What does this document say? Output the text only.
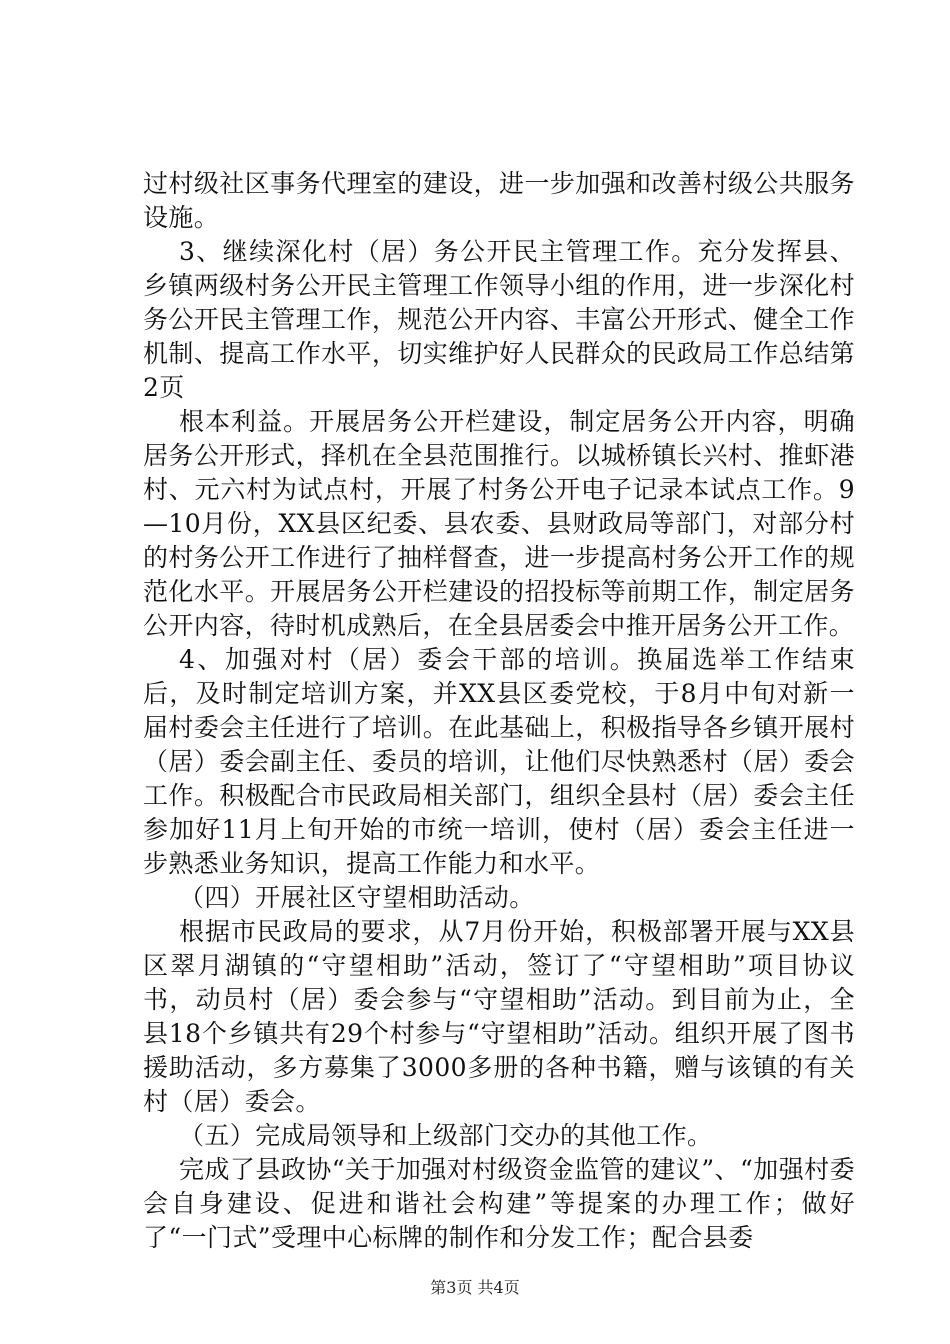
过村级社区事务代理室的建设，进一步加强和改善村级公共服务设施。

3、继续深化村（居）务公开民主管理工作。充分发挥县、乡镇两级村务公开民主管理工作领导小组的作用，进一步深化村务公开民主管理工作，规范公开内容、丰富公开形式、健全工作机制、提高工作水平，切实维护好人民群众的民政局工作总结第2页

根本利益。开展居务公开栏建设，制定居务公开内容，明确居务公开形式，择机在全县范围推行。以城桥镇长兴村、推虾港村、元六村为试点村，开展了村务公开电子记录本试点工作。9—10月份，XX县区纪委、县农委、县财政局等部门，对部分村的村务公开工作进行了抽样督查，进一步提高村务公开工作的规范化水平。开展居务公开栏建设的招投标等前期工作，制定居务公开内容，待时机成熟后，在全县居委会中推开居务公开工作。

4、加强对村（居）委会干部的培训。换届选举工作结束后，及时制定培训方案，并XX县区委党校，于8月中旬对新一届村委会主任进行了培训。在此基础上，积极指导各乡镇开展村（居）委会副主任、委员的培训，让他们尽快熟悉村（居）委会工作。积极配合市民政局相关部门，组织全县村（居）委会主任参加好11月上旬开始的市统一培训，使村（居）委会主任进一步熟悉业务知识，提高工作能力和水平。

（四）开展社区守望相助活动。

根据市民政局的要求，从7月份开始，积极部署开展与XX县区翠月湖镇的“守望相助”活动，签订了“守望相助”项目协议书，动员村（居）委会参与“守望相助”活动。到目前为止，全县18个乡镇共有29个村参与“守望相助”活动。组织开展了图书援助活动，多方募集了3000多册的各种书籍，赠与该镇的有关村（居）委会。

（五）完成局领导和上级部门交办的其他工作。

完成了县政协“关于加强对村级资金监管的建议”、“加强村委会自身建设、促进和谐社会构建”等提案的办理工作；做好了“一门式”受理中心标牌的制作和分发工作；配合县委

第3页 共4页
